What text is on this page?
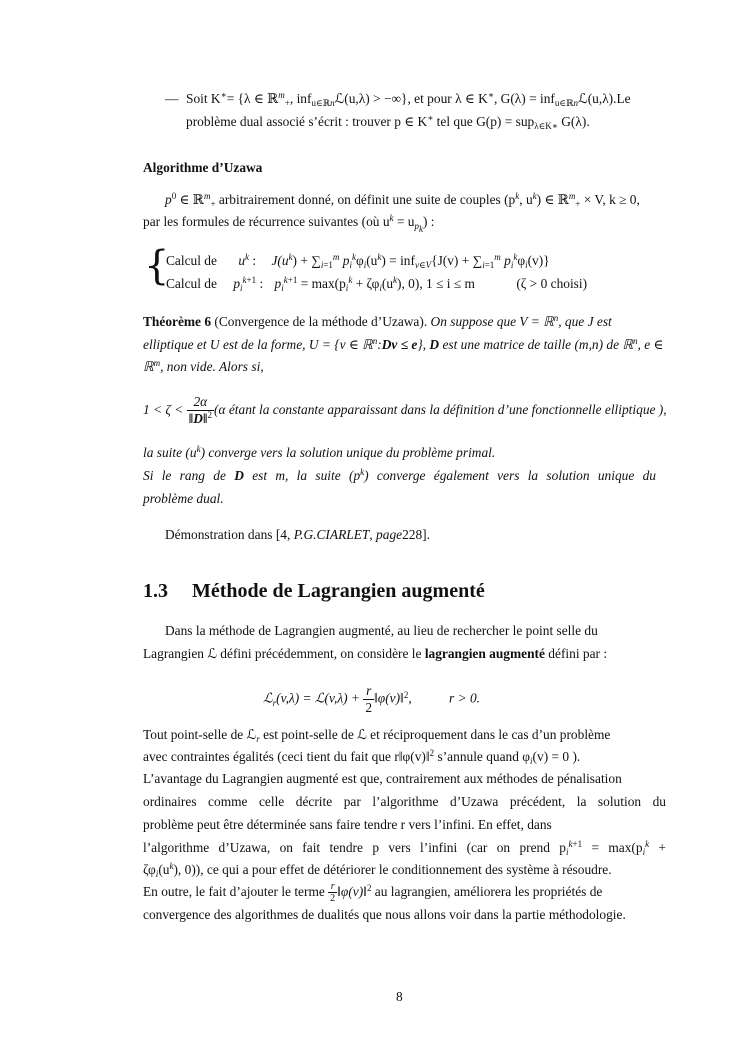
— Soit K∗= {λ ∈ ℝ$^m_+$, inf$_{u\in ℝn}$ℒ(u,λ) > −∞}, et pour λ ∈ K∗, G(λ) = inf$_{u\in ℝn}$ℒ(u,λ).Le
problème dual associé s’écrit : trouver p ∈ K∗ tel que G(p) = sup$_{\lambda\in K∗}$ G(λ).
Algorithme d’Uzawa
$p^0$ ∈ ℝ$^m_+$ arbitrairement donné, on définit une suite de couples ($p^k$, $u^k$) ∈ ℝ$^m_+$ × V, k ≥ 0,
par les formules de récurrence suivantes (où $u^k = u_{p_k}$) :
{
Calcul de $u^k$ : $J(u^k) + \sum_{i=1}^m$ $p_i^k\varphi_i(u^k) = inf_{v\in V}\{J(v) + \sum_{i=1}^m$ $p_i^k\varphi_i(v)$}
Calcul de $p_i^{k+1}$ : $p_i^{k+1} = \max(p_i^k + \zeta\varphi_i(u^k)$, 0), 1 ≤ i ≤ m	(ζ > 0 choisi)
Théorème 6 (Convergence de la méthode d’Uzawa). On suppose que V = ℝ$^n$, que J est
elliptique et U est de la forme, U = {v ∈ ℝ$^n$:Dv ≤ e}, D est une matrice de taille (m,n) de ℝ$^n$, e ∈
ℝ$^m$, non vide. Alors si,
$1 < \zeta < \frac{2\alpha}{‖D‖^2} (\alpha$ étant la constante apparaissant dans la définition d’une fonctionnelle elliptique ),
la suite $(u^k)$ converge vers la solution unique du problème primal.
Si le rang de D est m, la suite $(p^k)$ converge également vers la solution unique du
problème dual.
Démonstration dans [4, P.G.CIARLET, page228].
1.3 Méthode de Lagrangien augmenté
Dans la méthode de Lagrangien augmenté, au lieu de rechercher le point selle du
Lagrangien ℒ défini précédemment, on considère le lagrangien augmenté défini par :
ℒ$_r$(v,λ) = ℒ(v,λ) + $\frac{r}{2}$ ‖φ(v)‖$^2$,	r > 0.
Tout point-selle de ℒ$_r$ est point-selle de ℒ et réciproquement dans le cas d’un problème
avec contraintes égalités (ceci tient du fait que r‖φ(v)‖$^2$ s’annule quand $\varphi_i(v) = 0$ ).
L’avantage du Lagrangien augmenté est que, contrairement aux méthodes de pénalisation
ordinaires comme celle décrite par l’algorithme d’Uzawa précédent, la solution du
problème peut être déterminée sans faire tendre r vers l’infini. En effet, dans
l’algorithme d’Uzawa, on fait tendre p vers l’infini (car on prend $p_i^{k+1} = \max(p_i^k$ +
$\zeta\varphi_i(u^k)$, 0)), ce qui a pour effet de détériorer le conditionnement des système à résoudre.
En outre, le fait d’ajouter le terme $\frac{r}{2}$ ‖φ(v)‖$^2$ au lagrangien, améliorera les propriétés de
convergence des algorithmes de dualités que nous allons voir dans la partie méthodologie.
8
